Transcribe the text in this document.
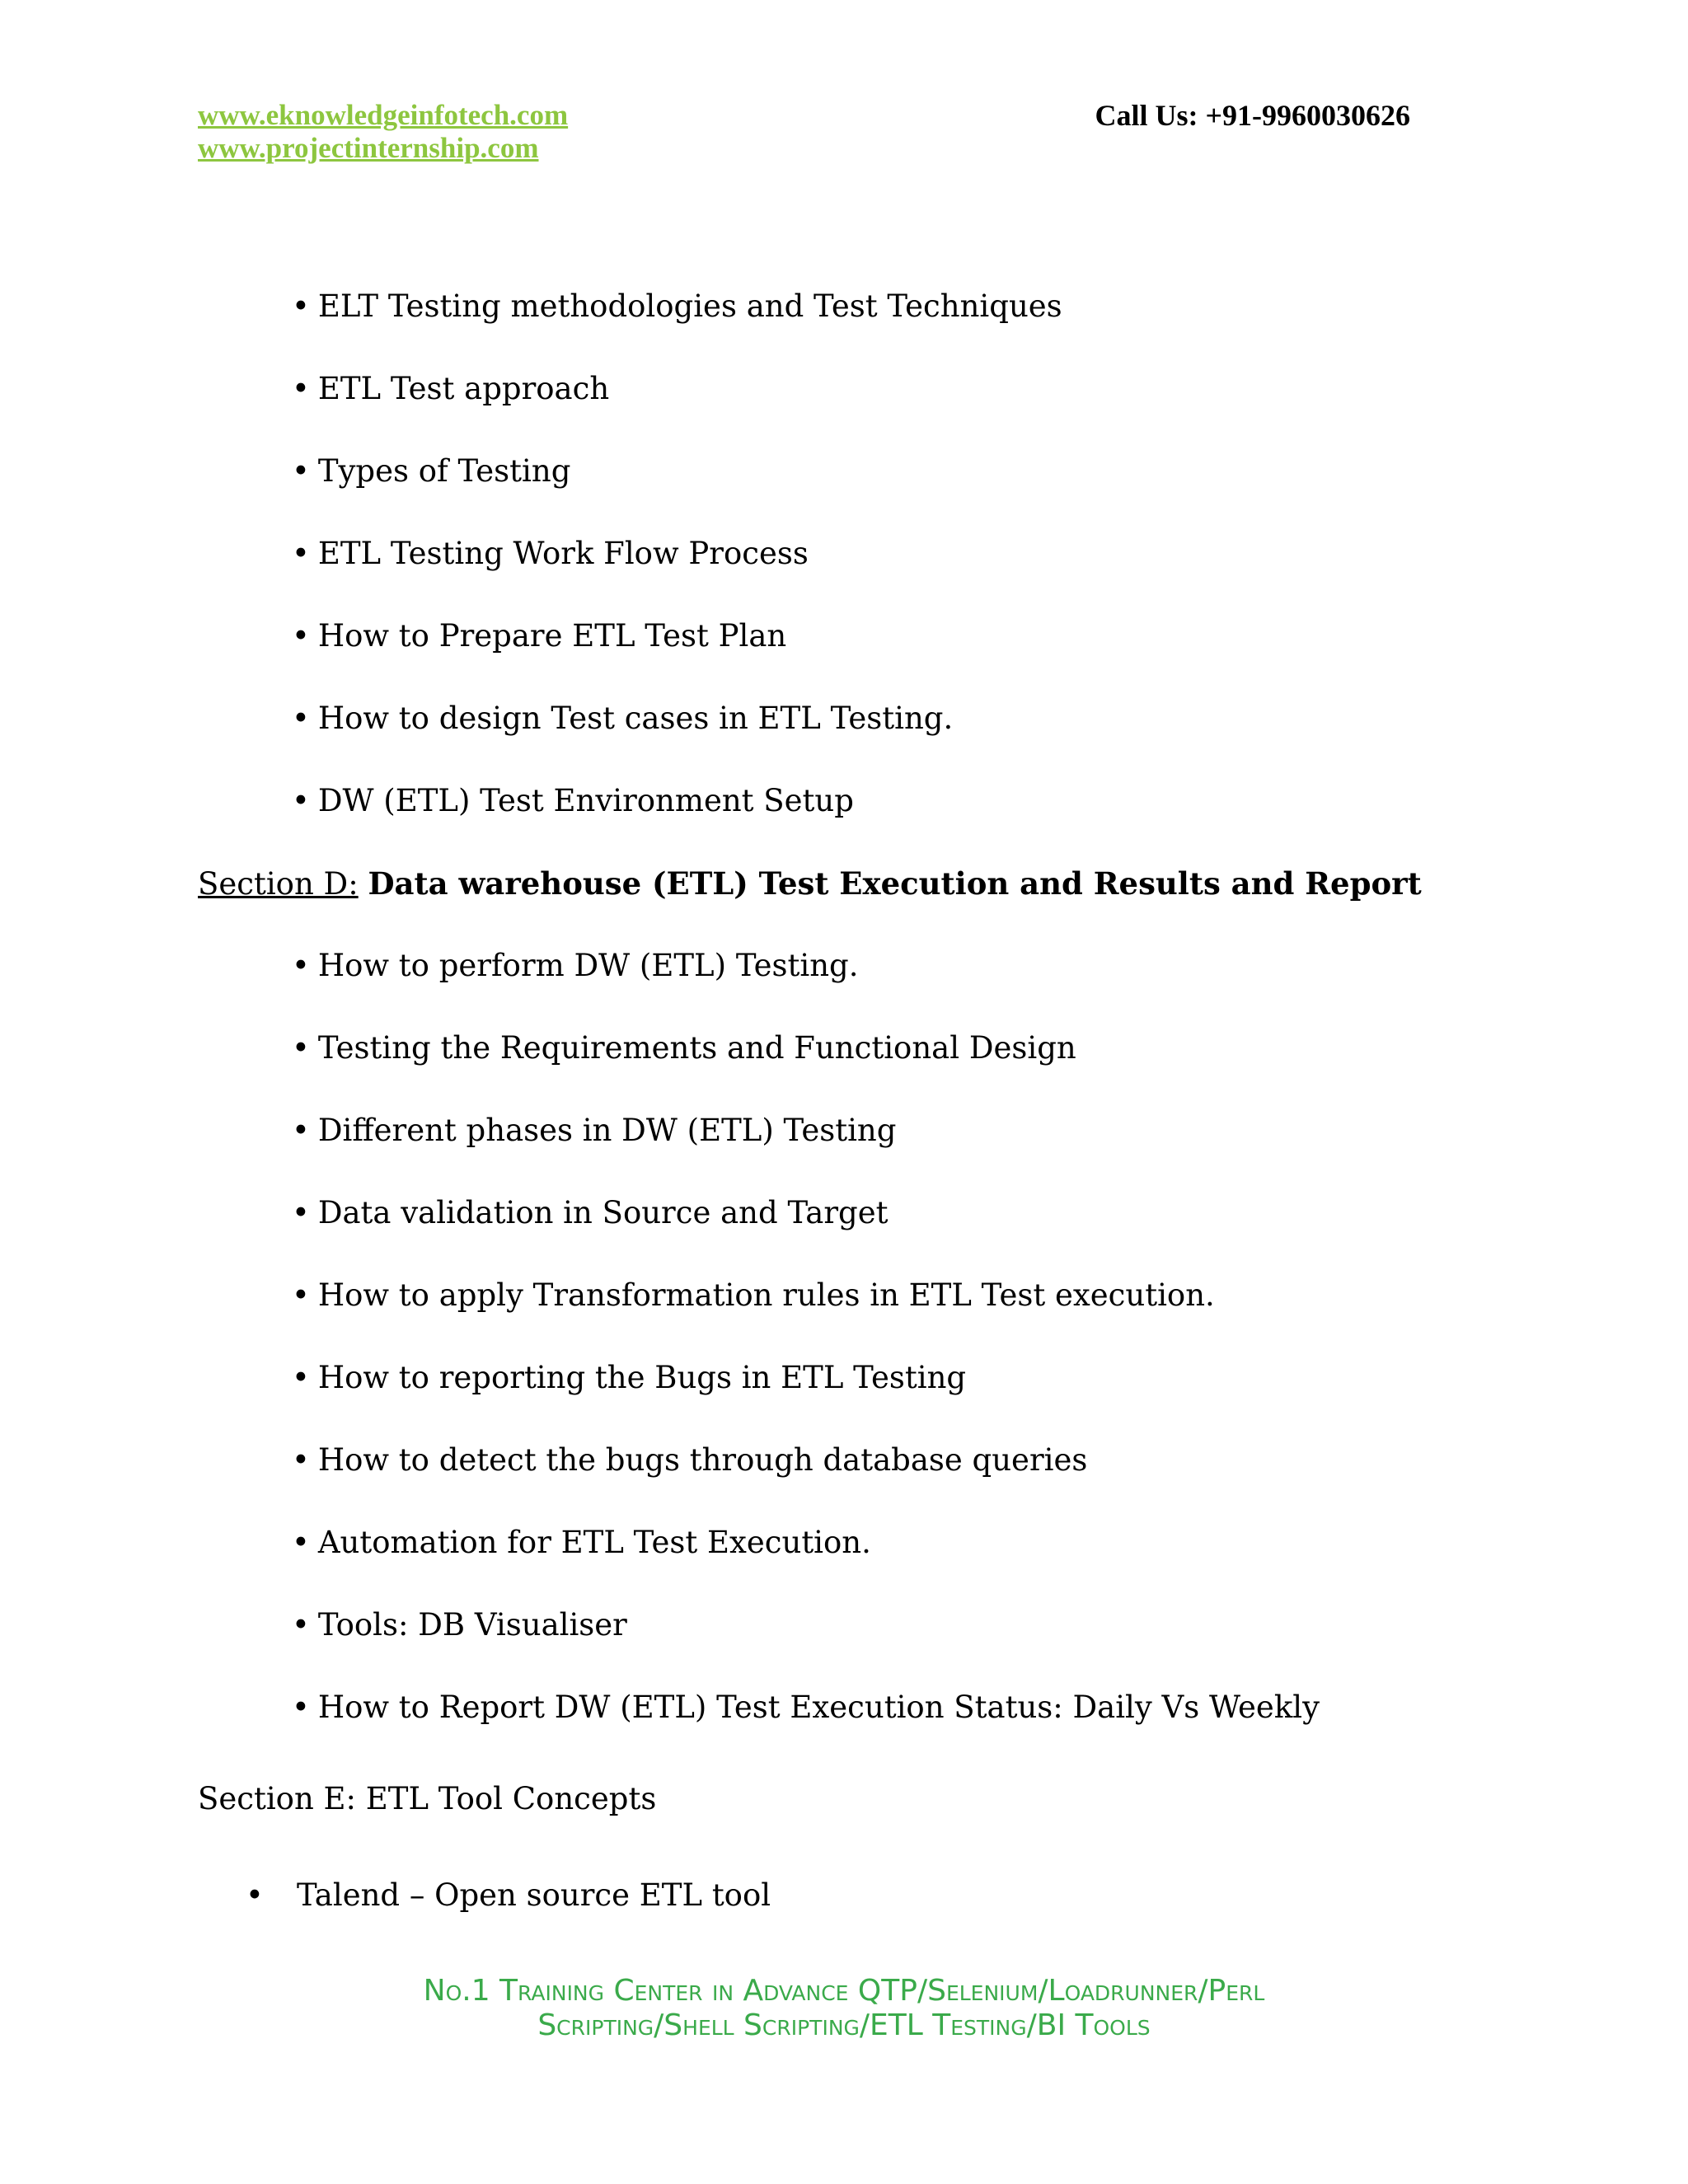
www.eknowledgeinfotech.com
www.projectinternship.com
Call Us: +91-9960030626
• ELT Testing methodologies and Test Techniques
• ETL Test approach
• Types of Testing
• ETL Testing Work Flow Process
• How to Prepare ETL Test Plan
• How to design Test cases in ETL Testing.
• DW (ETL) Test Environment Setup
Section D: Data warehouse (ETL) Test Execution and Results and Report
• How to perform DW (ETL) Testing.
• Testing the Requirements and Functional Design
• Different phases in DW (ETL) Testing
• Data validation in Source and Target
• How to apply Transformation rules in ETL Test execution.
• How to reporting the Bugs in ETL Testing
• How to detect the bugs through database queries
• Automation for ETL Test Execution.
• Tools: DB Visualiser
• How to Report DW (ETL) Test Execution Status: Daily Vs Weekly
Section E: ETL Tool Concepts
• Talend – Open source ETL tool
No.1 Training Center in Advance QTP/Selenium/Loadrunner/Perl
Scripting/Shell Scripting/ETL Testing/BI Tools
